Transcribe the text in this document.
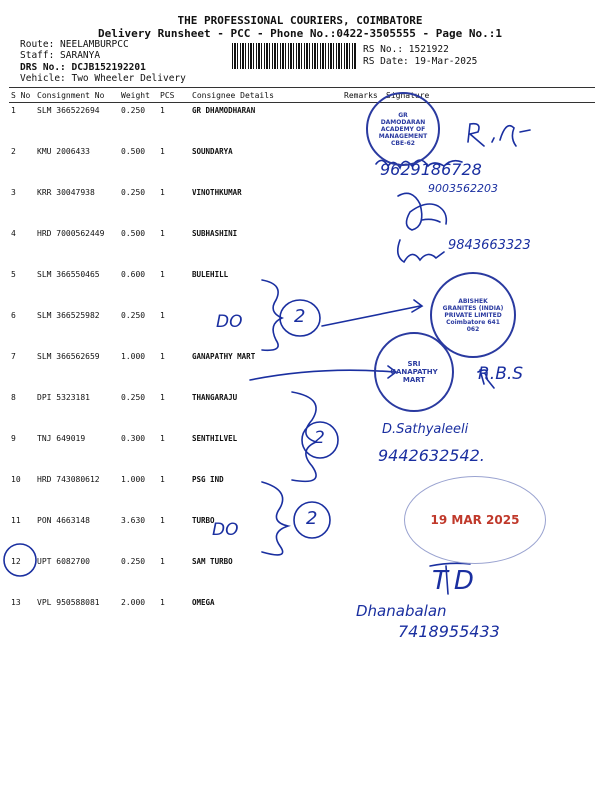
THE PROFESSIONAL COURIERS, COIMBATORE
Delivery Runsheet - PCC - Phone No.:0422-3505555 - Page No.:1
Route: NEELAMBURPCC
Staff: SARANYA
DRS No.: DCJB152192201
Vehicle: Two Wheeler Delivery
RS No.: 1521922
RS Date: 19-Mar-2025
S No	Consignment No	Weight	PCS	Consignee Details	Remarks	Signature
1	SLM 366522694	0.250	1	GR DHAMODHARAN		
2	KMU 2006433	0.500	1	SOUNDARYA		
3	KRR 30047938	0.250	1	VINOTHKUMAR		
4	HRD 7000562449	0.500	1	SUBHASHINI		
5	SLM 366550465	0.600	1	BULEHILL		
6	SLM 366525982	0.250	1			
7	SLM 366562659	1.000	1	GANAPATHY MART		
8	DPI 5323181	0.250	1	THANGARAJU		
9	TNJ 649019	0.300	1	SENTHILVEL		
10	HRD 743080612	1.000	1	PSG IND		
11	PON 4663148	3.630	1	TURBO		
12	UPT 6082700	0.250	1	SAM TURBO		
13	VPL 950588081	2.000	1	OMEGA		
9629186728
9003562203
9843663323
DO	2
R.B.S
2	D.Sathyaleeli
9442632542.
DO
2
TD
Dhanabalan
7418955433
GR DAMODARAN ACADEMY OF MANAGEMENT CBE-62
ABISHEK GRANITES (INDIA) PRIVATE LIMITED Coimbatore 641 062
SRI GANAPATHY MART
19 MAR 2025
